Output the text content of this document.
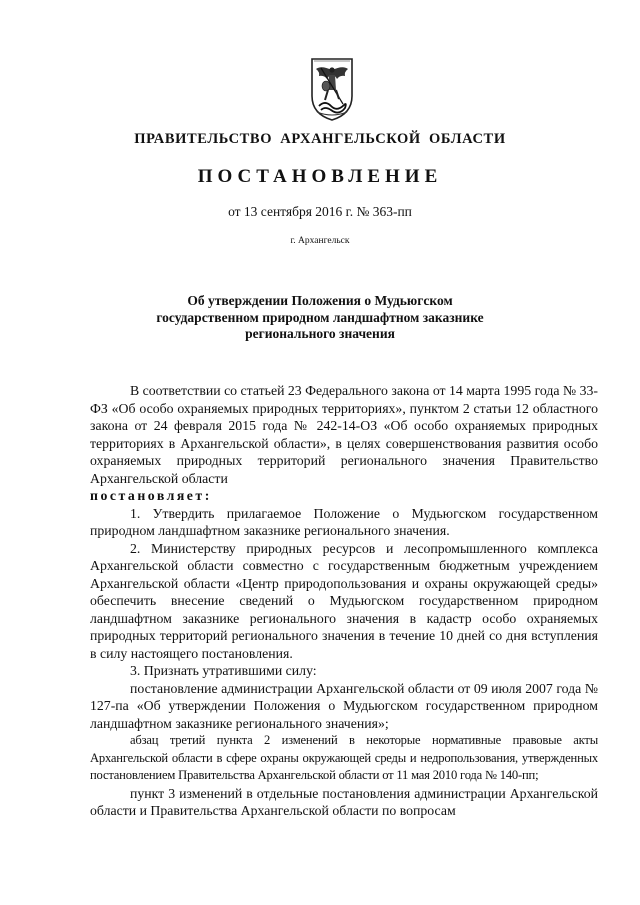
ПРАВИТЕЛЬСТВО АРХАНГЕЛЬСКОЙ ОБЛАСТИ
ПОСТАНОВЛЕНИЕ
от 13 сентября 2016 г. № 363-пп
г. Архангельск
Об утверждении Положения о Мудьюгском
государственном природном ландшафтном заказнике
регионального значения

В соответствии со статьей 23 Федерального закона от 14 марта 1995 года № 33-ФЗ «Об особо охраняемых природных территориях», пунктом 2 статьи 12 областного закона от 24 февраля 2015 года № 242-14-ОЗ «Об особо охраняемых природных территориях в Архангельской области», в целях совершенствования развития особо охраняемых природных территорий регионального значения Правительство Архангельской области

постановляет:

1. Утвердить прилагаемое Положение о Мудьюгском государственном природном ландшафтном заказнике регионального значения.

2. Министерству природных ресурсов и лесопромышленного комплекса Архангельской области совместно с государственным бюджетным учреждением Архангельской области «Центр природопользования и охраны окружающей среды» обеспечить внесение сведений о Мудьюгском государственном природном ландшафтном заказнике регионального значения в кадастр особо охраняемых природных территорий регионального значения в течение 10 дней со дня вступления в силу настоящего постановления.

3. Признать утратившими силу:

постановление администрации Архангельской области от 09 июля 2007 года № 127-па «Об утверждении Положения о Мудьюгском государственном природном ландшафтном заказнике регионального значения»;

абзац третий пункта 2 изменений в некоторые нормативные правовые акты Архангельской области в сфере охраны окружающей среды и недропользования, утвержденных постановлением Правительства Архангельской области от 11 мая 2010 года № 140-пп;

пункт 3 изменений в отдельные постановления администрации Архангельской области и Правительства Архангельской области по вопросам
